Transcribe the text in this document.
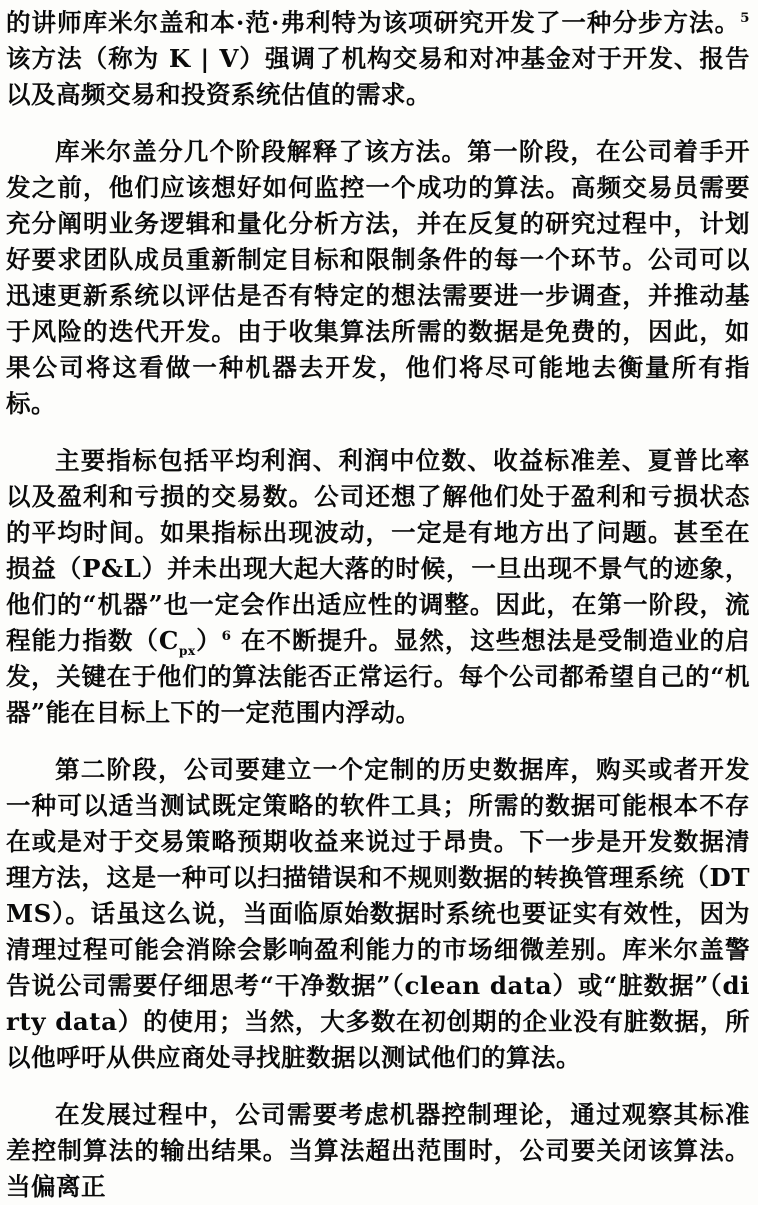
的讲师库米尔盖和本·范·弗利特为该项研究开发了一种分步方法。$^5$该方法（称为 K | V）强调了机构交易和对冲基金对于开发、报告以及高频交易和投资系统估值的需求。

库米尔盖分几个阶段解释了该方法。第一阶段，在公司着手开发之前，他们应该想好如何监控一个成功的算法。高频交易员需要充分阐明业务逻辑和量化分析方法，并在反复的研究过程中，计划好要求团队成员重新制定目标和限制条件的每一个环节。公司可以迅速更新系统以评估是否有特定的想法需要进一步调查，并推动基于风险的迭代开发。由于收集算法所需的数据是免费的，因此，如果公司将这看做一种机器去开发，他们将尽可能地去衡量所有指标。

主要指标包括平均利润、利润中位数、收益标准差、夏普比率以及盈利和亏损的交易数。公司还想了解他们处于盈利和亏损状态的平均时间。如果指标出现波动，一定是有地方出了问题。甚至在损益（P&L）并未出现大起大落的时候，一旦出现不景气的迹象，他们的“机器”也一定会作出适应性的调整。因此，在第一阶段，流程能力指数$(C_{px})^6$ 在不断提升。显然，这些想法是受制造业的启发，关键在于他们的算法能否正常运行。每个公司都希望自己的“机器”能在目标上下的一定范围内浮动。

第二阶段，公司要建立一个定制的历史数据库，购买或者开发一种可以适当测试既定策略的软件工具；所需的数据可能根本不存在或是对于交易策略预期收益来说过于昂贵。下一步是开发数据清理方法，这是一种可以扫描错误和不规则数据的转换管理系统（DTMS）。话虽这么说，当面临原始数据时系统也要证实有效性，因为清理过程可能会消除会影响盈利能力的市场细微差别。库米尔盖警告说公司需要仔细思考“干净数据”（clean data）或“脏数据”（dirty data）的使用；当然，大多数在初创期的企业没有脏数据，所以他呼吁从供应商处寻找脏数据以测试他们的算法。

在发展过程中，公司需要考虑机器控制理论，通过观察其标准差控制算法的输出结果。当算法超出范围时，公司要关闭该算法。当偏离正
